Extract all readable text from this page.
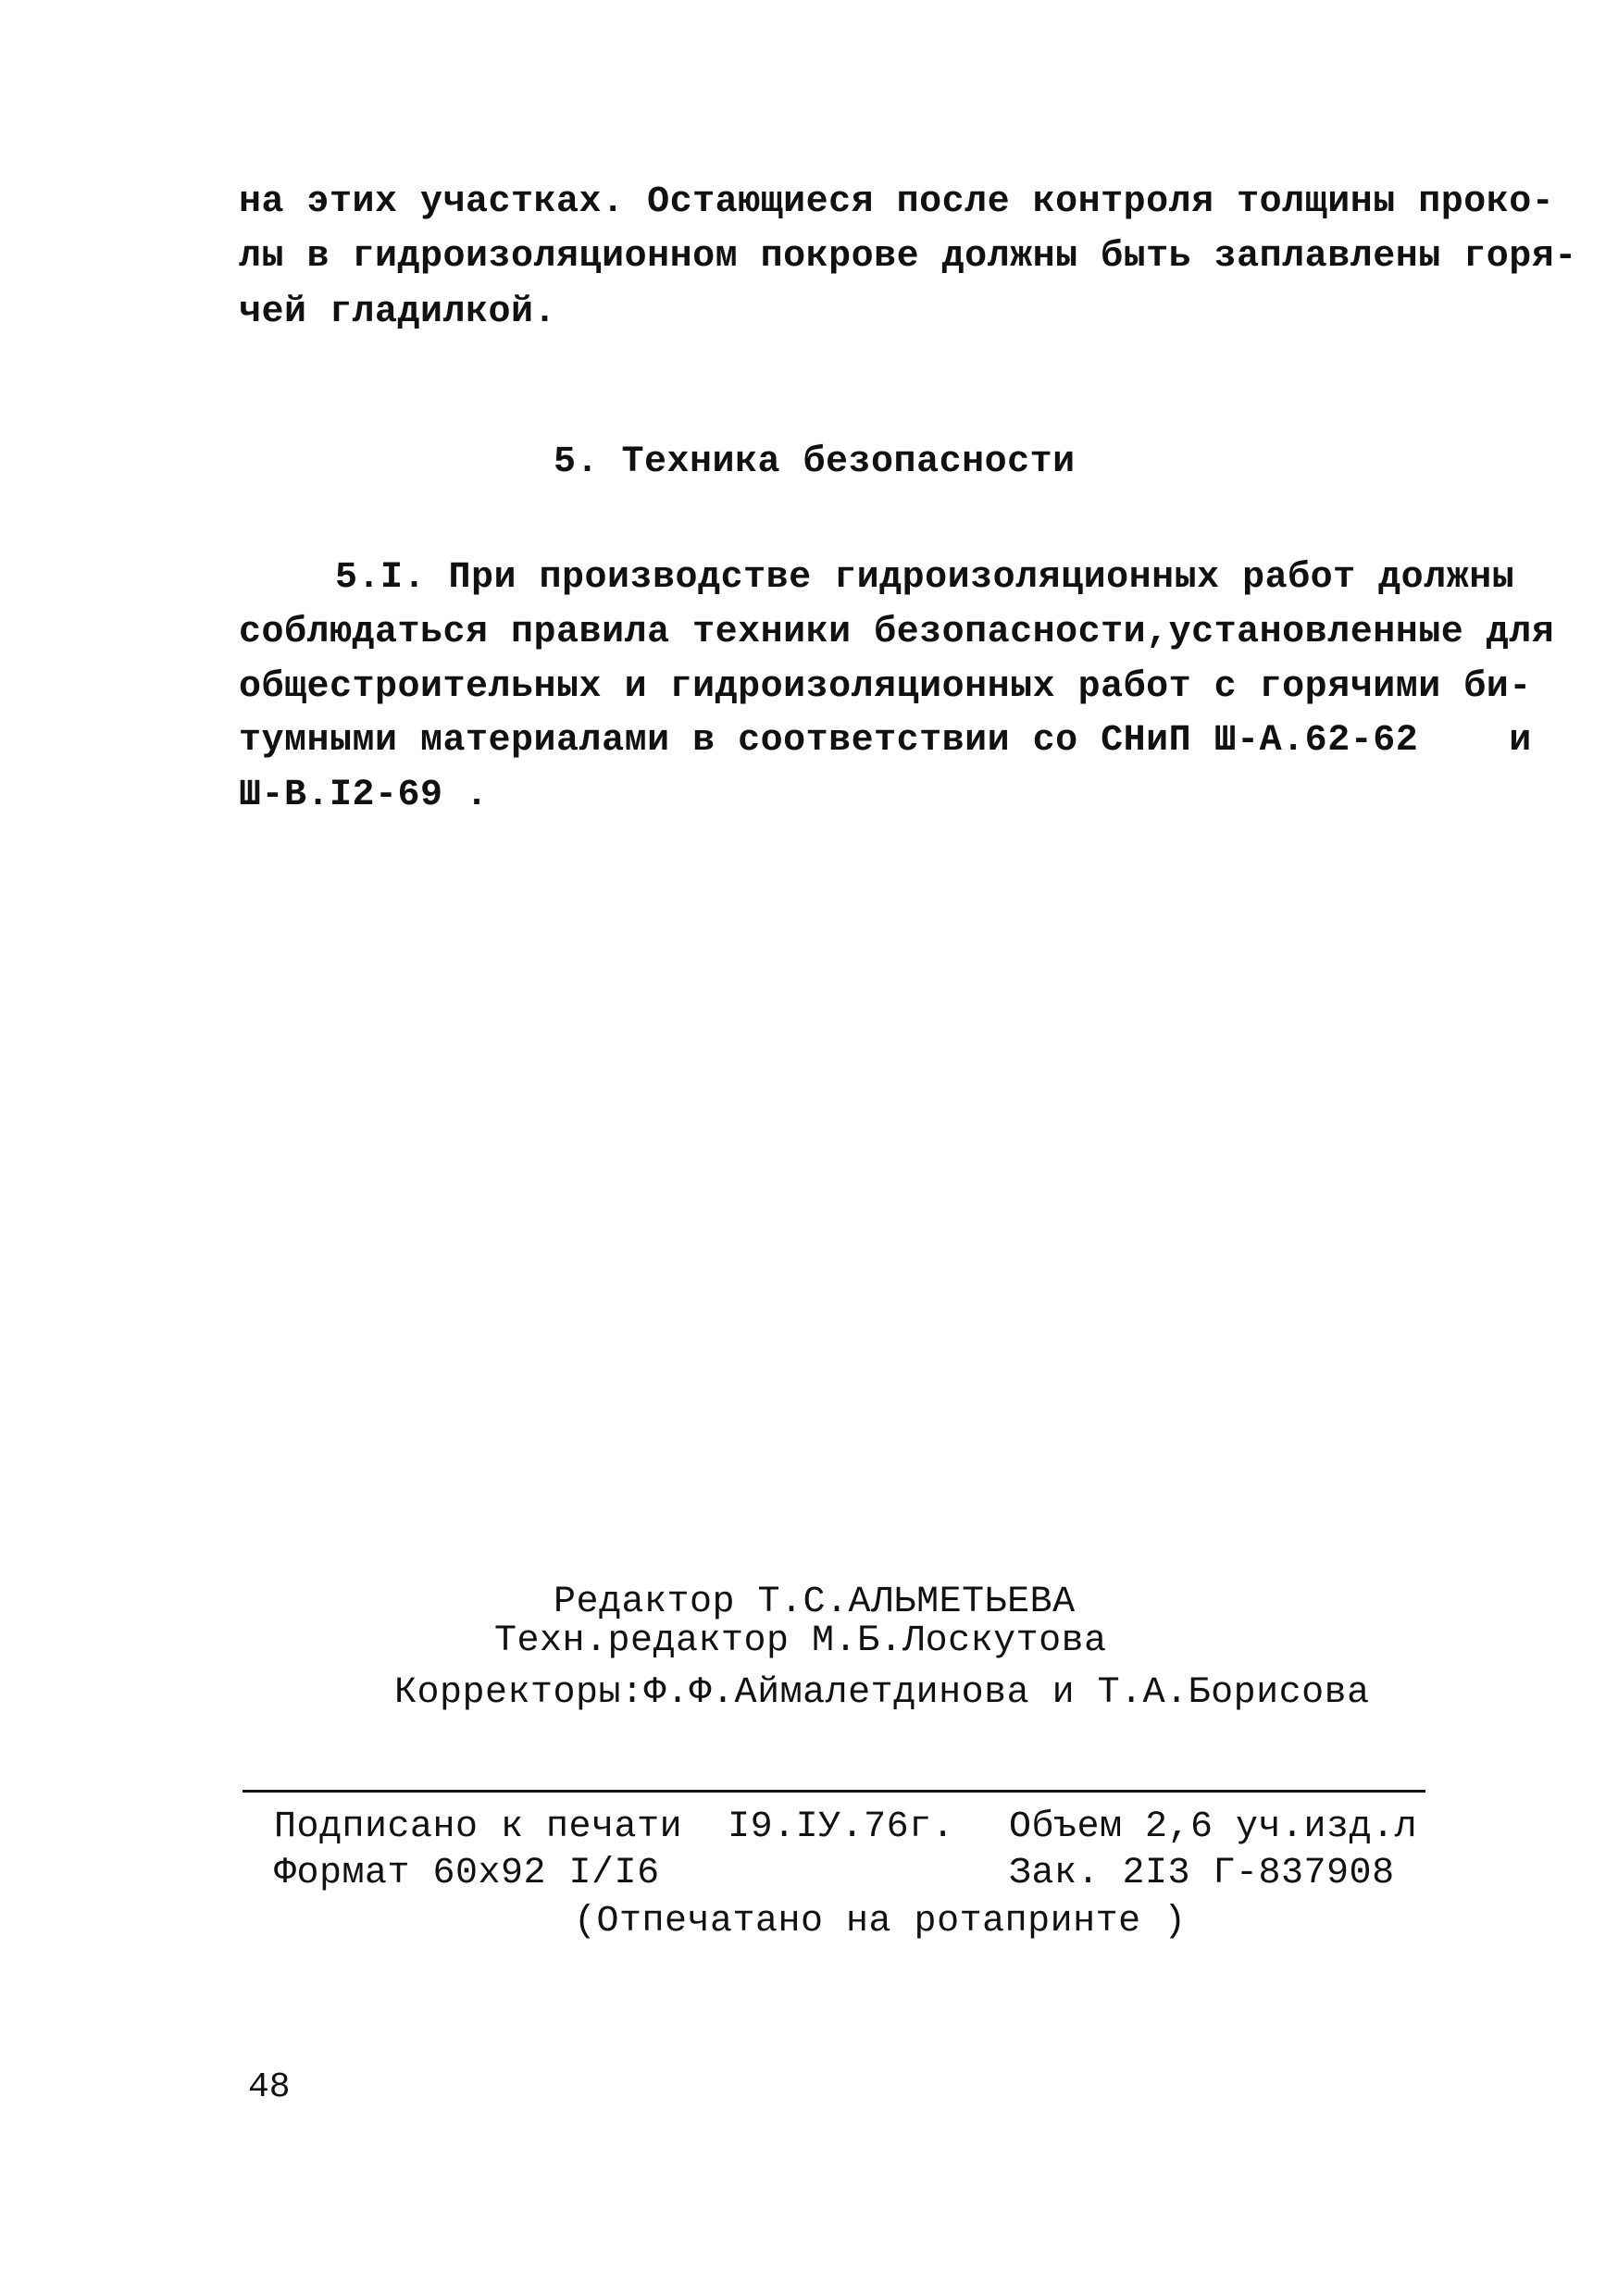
на этих участках. Остающиеся после контроля толщины проко-
лы в гидроизоляционном покрове должны быть заплавлены горя-
чей гладилкой.
5. Техника безопасности
5.I. При производстве гидроизоляционных работ должны
соблюдаться правила техники безопасности,установленные для
общестроительных и гидроизоляционных работ с горячими би-
тумными материалами в соответствии со СНиП Ш-А.62-62    и
Ш-В.I2-69 .
Редактор Т.С.АЛЬМЕТЬЕВА
Техн.редактор М.Б.Лоскутова
Корректоры:Ф.Ф.Аймалетдинова и Т.А.Борисова
Подписано к печати  I9.IУ.76г. Объем 2,6 уч.изд.л
Формат 60х92 I/I6	Зак. 2I3 Г-837908
(Отпечатано на ротапринте )
48
